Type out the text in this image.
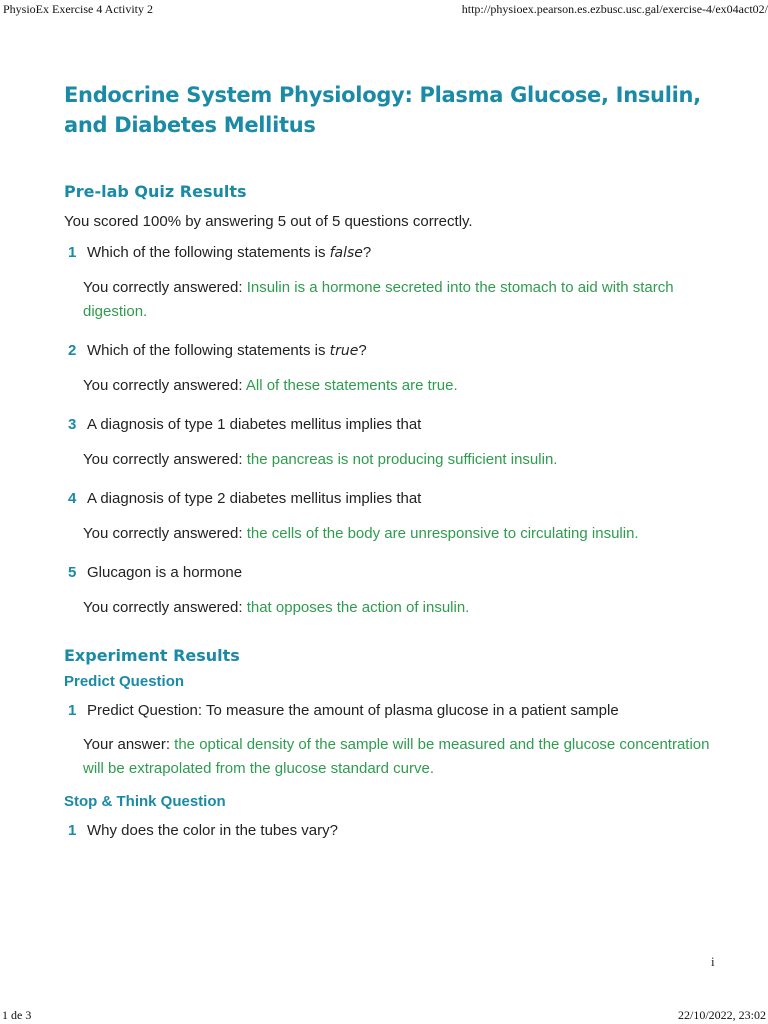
PhysioEx Exercise 4 Activity 2	http://physioex.pearson.es.ezbusc.usc.gal/exercise-4/ex04act02/
Endocrine System Physiology: Plasma Glucose, Insulin, and Diabetes Mellitus
Pre-lab Quiz Results

You scored 100% by answering 5 out of 5 questions correctly.

1 Which of the following statements is false?
You correctly answered: Insulin is a hormone secreted into the stomach to aid with starch digestion.
2 Which of the following statements is true?
You correctly answered: All of these statements are true.
3 A diagnosis of type 1 diabetes mellitus implies that
You correctly answered: the pancreas is not producing sufficient insulin.
4 A diagnosis of type 2 diabetes mellitus implies that
You correctly answered: the cells of the body are unresponsive to circulating insulin.
5 Glucagon is a hormone
You correctly answered: that opposes the action of insulin.
Experiment Results
Predict Question
1 Predict Question: To measure the amount of plasma glucose in a patient sample
Your answer: the optical density of the sample will be measured and the glucose concentration will be extrapolated from the glucose standard curve.
Stop & Think Question
1 Why does the color in the tubes vary?
i
1 de 3	22/10/2022, 23:02
